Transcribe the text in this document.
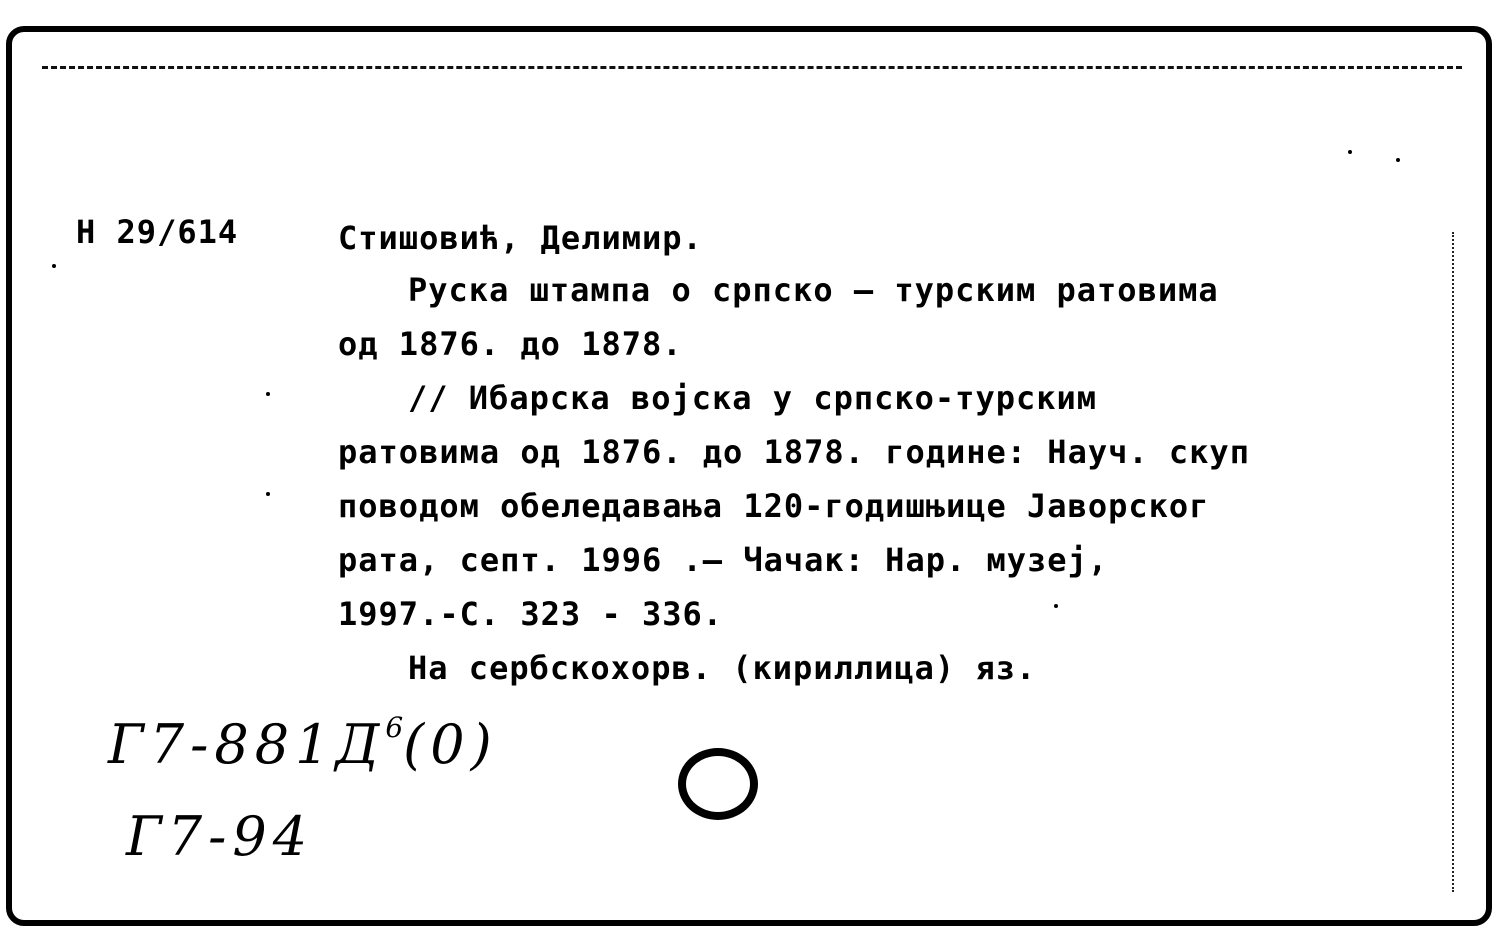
Н 29/614	Стишовић, Делимир.
Руска штампа о српско – турским ратовима
од 1876. до 1878.
// Ибарска војска у српско-турским
ратовима од 1876. до 1878. године: Науч. скуп
поводом обеледавања 120-годишњице Јаворског
рата, септ. 1996 .– Чачак: Нар. музеј,
1997.-С. 323 - 336.
На сербскохорв. (кириллица) яз.
$Г7-881Д^6(0)$
Г7-94
